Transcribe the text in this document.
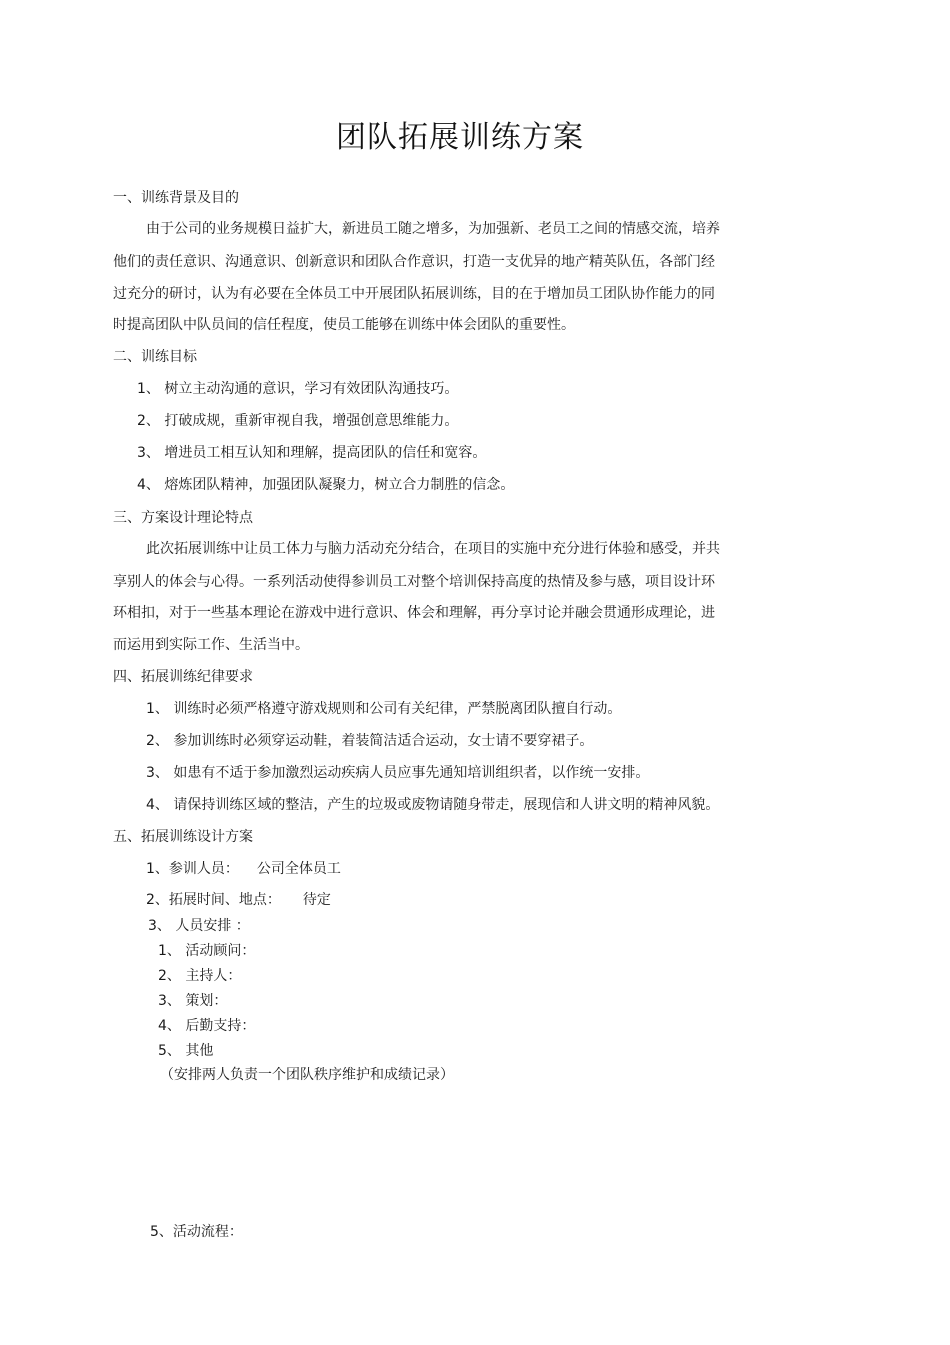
团队拓展训练方案
一、训练背景及目的
由于公司的业务规模日益扩大，新进员工随之增多，为加强新、老员工之间的情感交流，培养
他们的责任意识、沟通意识、创新意识和团队合作意识，打造一支优异的地产精英队伍，各部门经
过充分的研讨，认为有必要在全体员工中开展团队拓展训练，目的在于增加员工团队协作能力的同
时提高团队中队员间的信任程度，使员工能够在训练中体会团队的重要性。
二、训练目标
1、 树立主动沟通的意识，学习有效团队沟通技巧。
2、 打破成规，重新审视自我，增强创意思维能力。
3、 增进员工相互认知和理解，提高团队的信任和宽容。
4、 熔炼团队精神，加强团队凝聚力，树立合力制胜的信念。
三、方案设计理论特点
此次拓展训练中让员工体力与脑力活动充分结合，在项目的实施中充分进行体验和感受，并共
享别人的体会与心得。一系列活动使得参训员工对整个培训保持高度的热情及参与感，项目设计环
环相扣，对于一些基本理论在游戏中进行意识、体会和理解，再分享讨论并融会贯通形成理论，进
而运用到实际工作、生活当中。
四、拓展训练纪律要求
1、 训练时必须严格遵守游戏规则和公司有关纪律，严禁脱离团队擅自行动。
2、 参加训练时必须穿运动鞋，着装简洁适合运动，女士请不要穿裙子。
3、 如患有不适于参加激烈运动疾病人员应事先通知培训组织者，以作统一安排。
4、 请保持训练区域的整洁，产生的垃圾或废物请随身带走，展现信和人讲文明的精神风貌。
五、拓展训练设计方案
1、参训人员： 公司全体员工
2、拓展时间、地点： 待定
3、 人员安排 ：
1、 活动顾问：
2、 主持人：
3、 策划：
4、 后勤支持：
5、 其他
（安排两人负责一个团队秩序维护和成绩记录）
5、活动流程：
